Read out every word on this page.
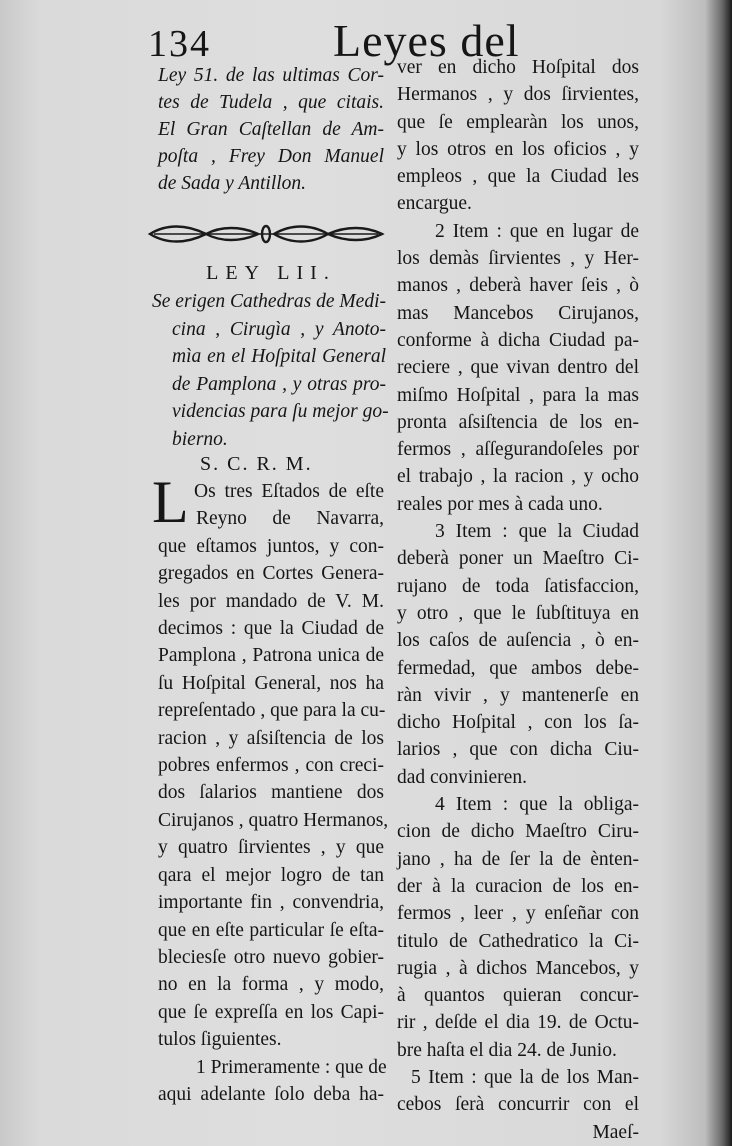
134	Leyes del
Ley 51. de las ultimas Cor-
tes de Tudela , que citais.
El Gran Caſtellan de Am-
poſta , Frey Don Manuel
de Sada y Antillon.
LEY LII.
Se erigen Cathedras de Medi-
cina , Cirugìa , y Anoto-
mìa en el Hoſpital General
de Pamplona , y otras pro-
videncias para ſu mejor go-
bierno.
S. C. R. M.
L Os tres Eſtados de eſte
Reyno de Navarra,
que eſtamos juntos, y con-
gregados en Cortes Genera-
les por mandado de V. M.
decimos : que la Ciudad de
Pamplona , Patrona unica de
ſu Hoſpital General, nos ha
repreſentado , que para la cu-
racion , y aſsiſtencia de los
pobres enfermos , con creci-
dos ſalarios mantiene dos
Cirujanos , quatro Hermanos,
y quatro ſirvientes , y que
qara el mejor logro de tan
importante fin , convendria,
que en eſte particular ſe eſta-
bleciesſe otro nuevo gobier-
no en la forma , y modo,
que ſe expreſſa en los Capi-
tulos ſiguientes.
1 Primeramente : que de
aqui adelante ſolo deba ha-
ver en dicho Hoſpital dos
Hermanos , y dos ſirvientes,
que ſe emplearàn los unos,
y los otros en los oficios , y
empleos , que la Ciudad les
encargue.
2 Item : que en lugar de
los demàs ſirvientes , y Her-
manos , deberà haver ſeis , ò
mas Mancebos Cirujanos,
conforme à dicha Ciudad pa-
reciere , que vivan dentro del
miſmo Hoſpital , para la mas
pronta aſsiſtencia de los en-
fermos , aſſegurandoſeles por
el trabajo , la racion , y ocho
reales por mes à cada uno.
3 Item : que la Ciudad
deberà poner un Maeſtro Ci-
rujano de toda ſatisfaccion,
y otro , que le ſubſtituya en
los caſos de auſencia , ò en-
fermedad, que ambos debe-
ràn vivir , y mantenerſe en
dicho Hoſpital , con los ſa-
larios , que con dicha Ciu-
dad convinieren.
4 Item : que la obliga-
cion de dicho Maeſtro Ciru-
jano , ha de ſer la de ènten-
der à la curacion de los en-
fermos , leer , y enſeñar con
titulo de Cathedratico la Ci-
rugia , à dichos Mancebos, y
à quantos quieran concur-
rir , deſde el dia 19. de Octu-
bre haſta el dia 24. de Junio.
5 Item : que la de los Man-
cebos ſerà concurrir con el
Maeſ-
